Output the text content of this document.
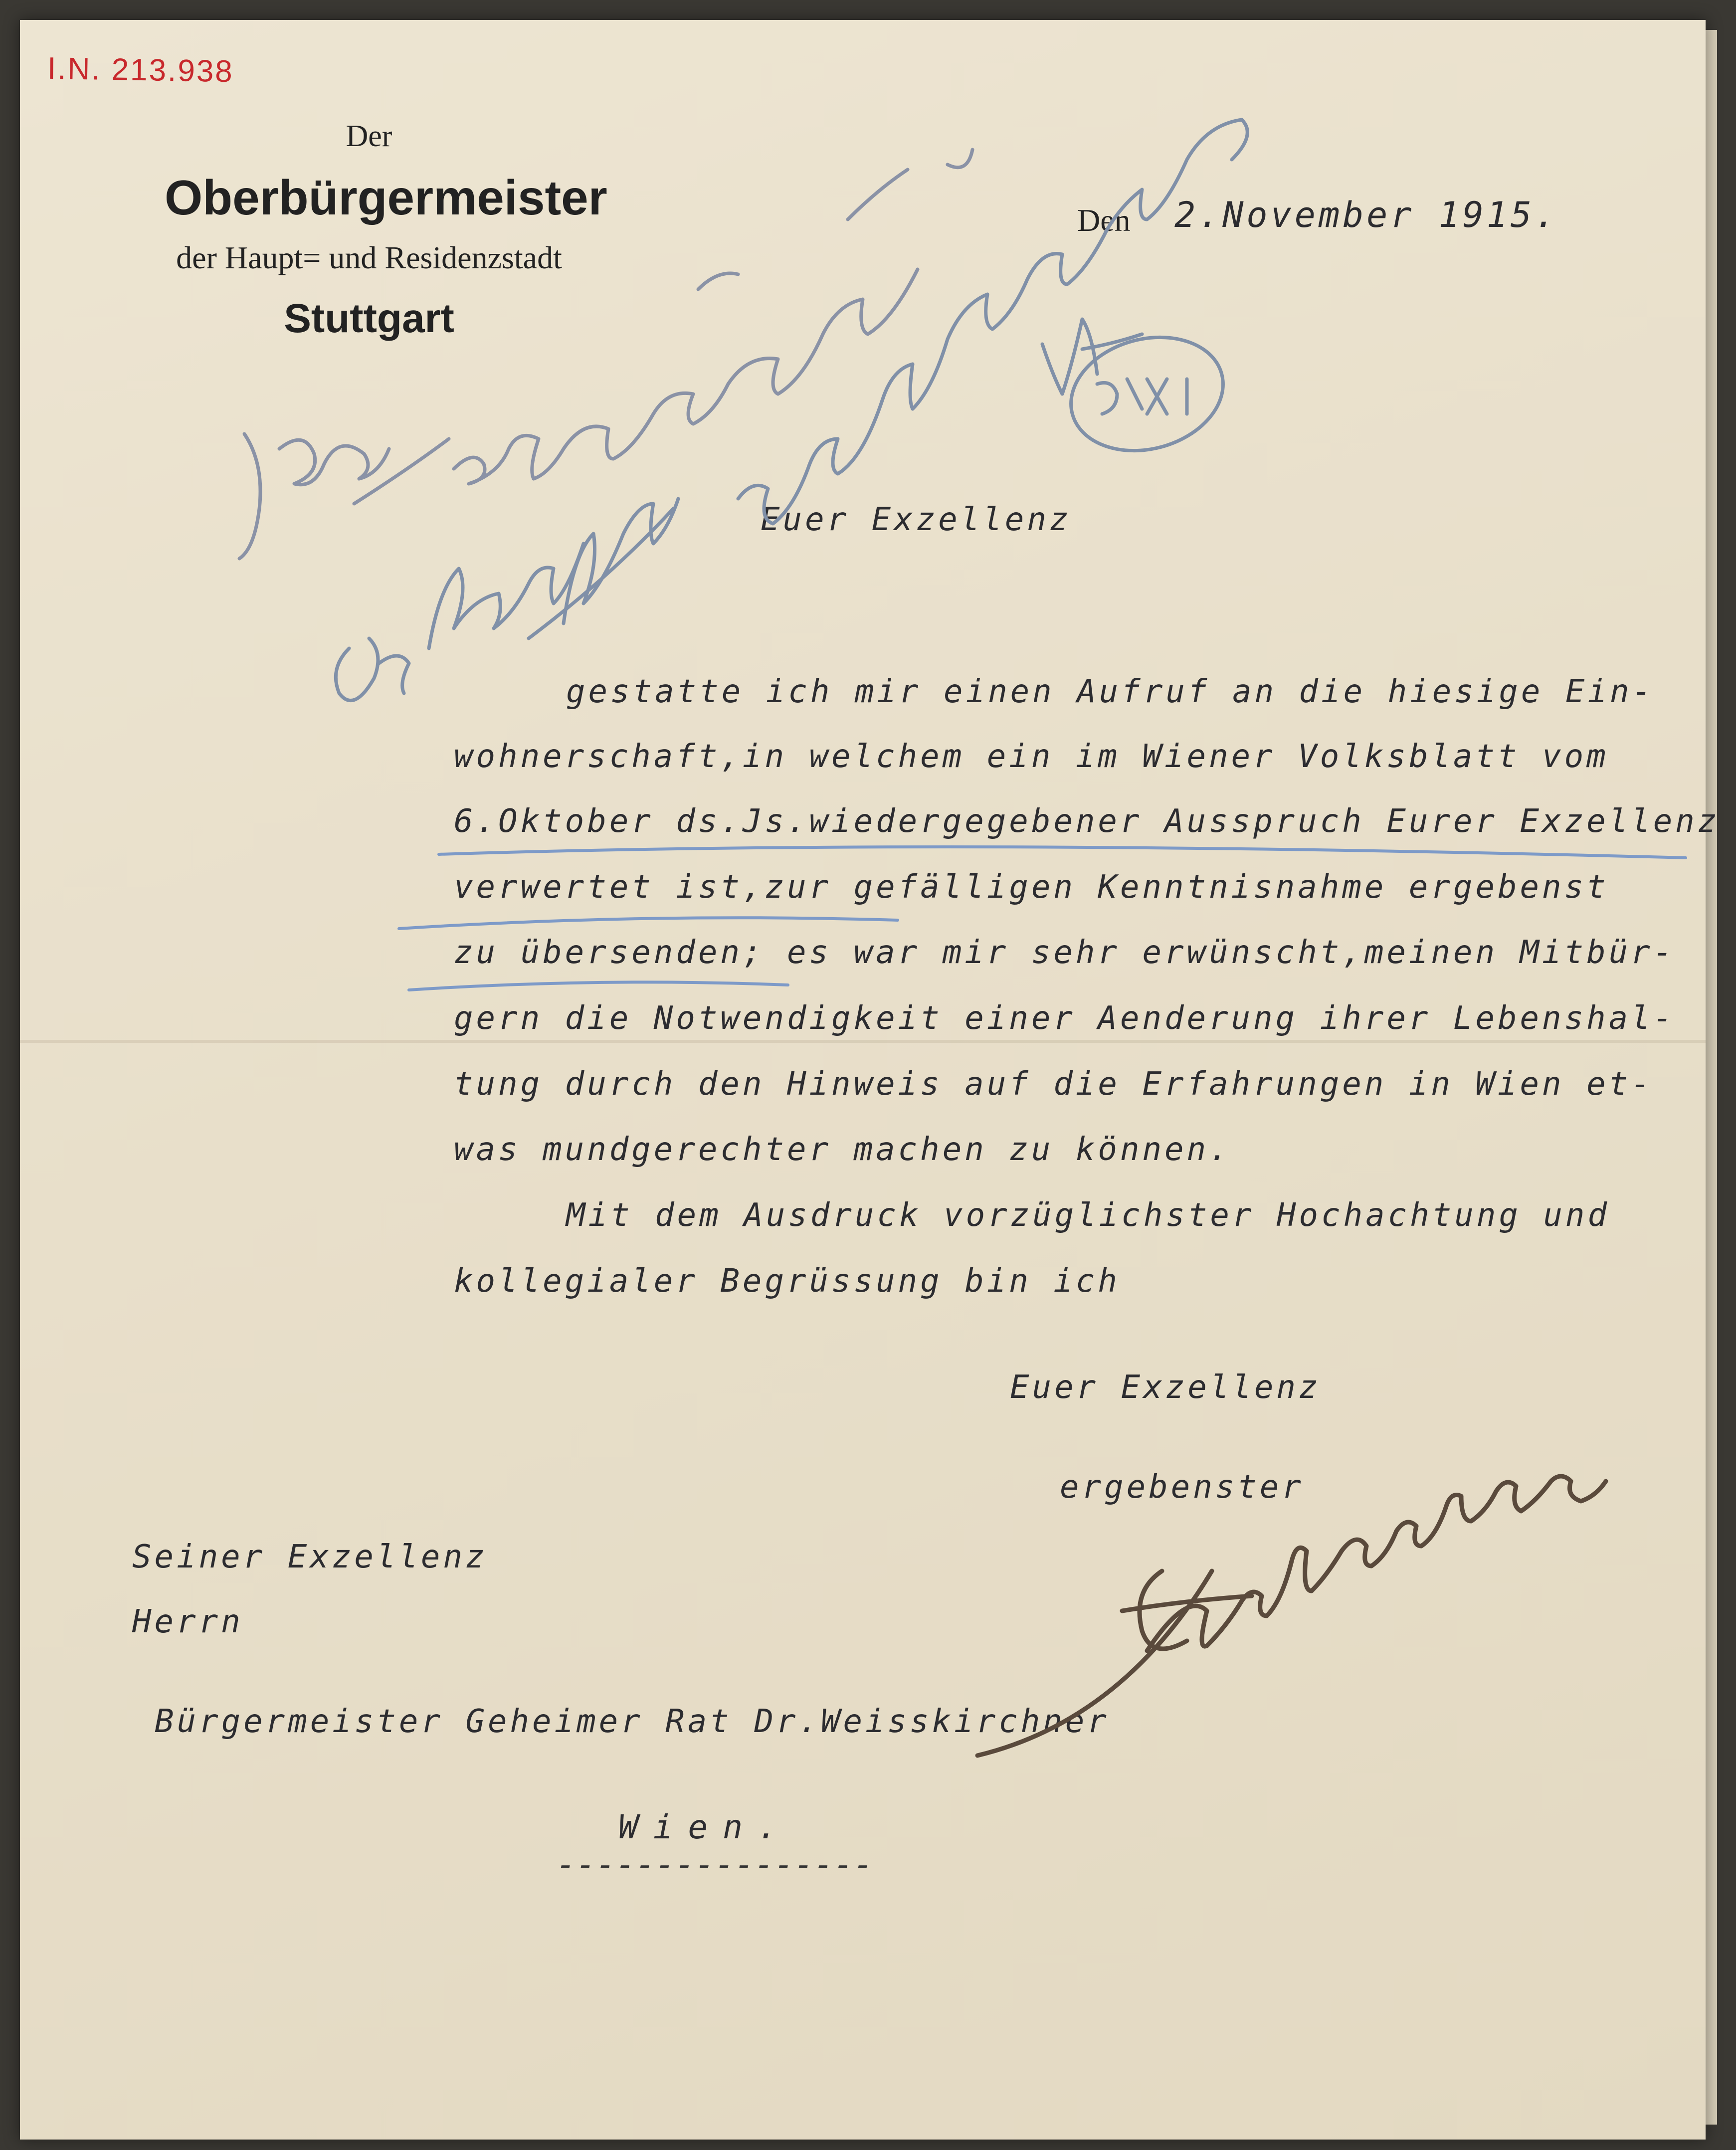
I.N. 213.938
Der
Oberbürgermeister
der Haupt= und Residenzstadt
Stuttgart
Den 2.November 1915.
Euer Exzellenz
gestatte ich mir einen Aufruf an die hiesige Ein-
wohnerschaft,in welchem ein im Wiener Volksblatt vom
6.Oktober ds.Js.wiedergegebener Ausspruch Eurer Exzellenz
verwertet ist,zur gefälligen Kenntnisnahme ergebenst
zu übersenden; es war mir sehr erwünscht,meinen Mitbür-
gern die Notwendigkeit einer Aenderung ihrer Lebenshal-
tung durch den Hinweis auf die Erfahrungen in Wien et-
was mundgerechter machen zu können.
Mit dem Ausdruck vorzüglichster Hochachtung und
kollegialer Begrüssung bin ich
Euer Exzellenz
ergebenster
Seiner Exzellenz
Herrn
Bürgermeister Geheimer Rat Dr.Weisskirchner
Wien.
----------------
